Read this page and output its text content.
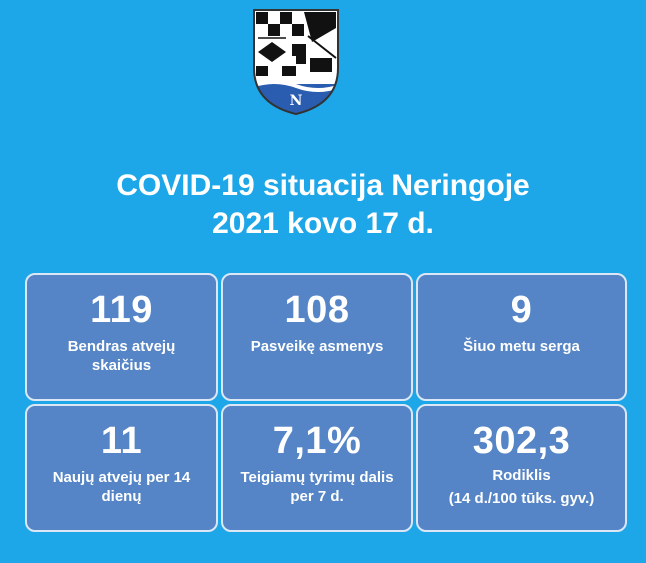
N
COVID-19 situacija Neringoje
2021 kovo 17 d.
119
Bendras atvejų skaičius
108
Pasveikę asmenys
9
Šiuo metu serga
11
Naujų atvejų per 14 dienų
7,1%
Teigiamų tyrimų dalis per 7 d.
302,3
Rodiklis
(14 d./100 tūks. gyv.)
